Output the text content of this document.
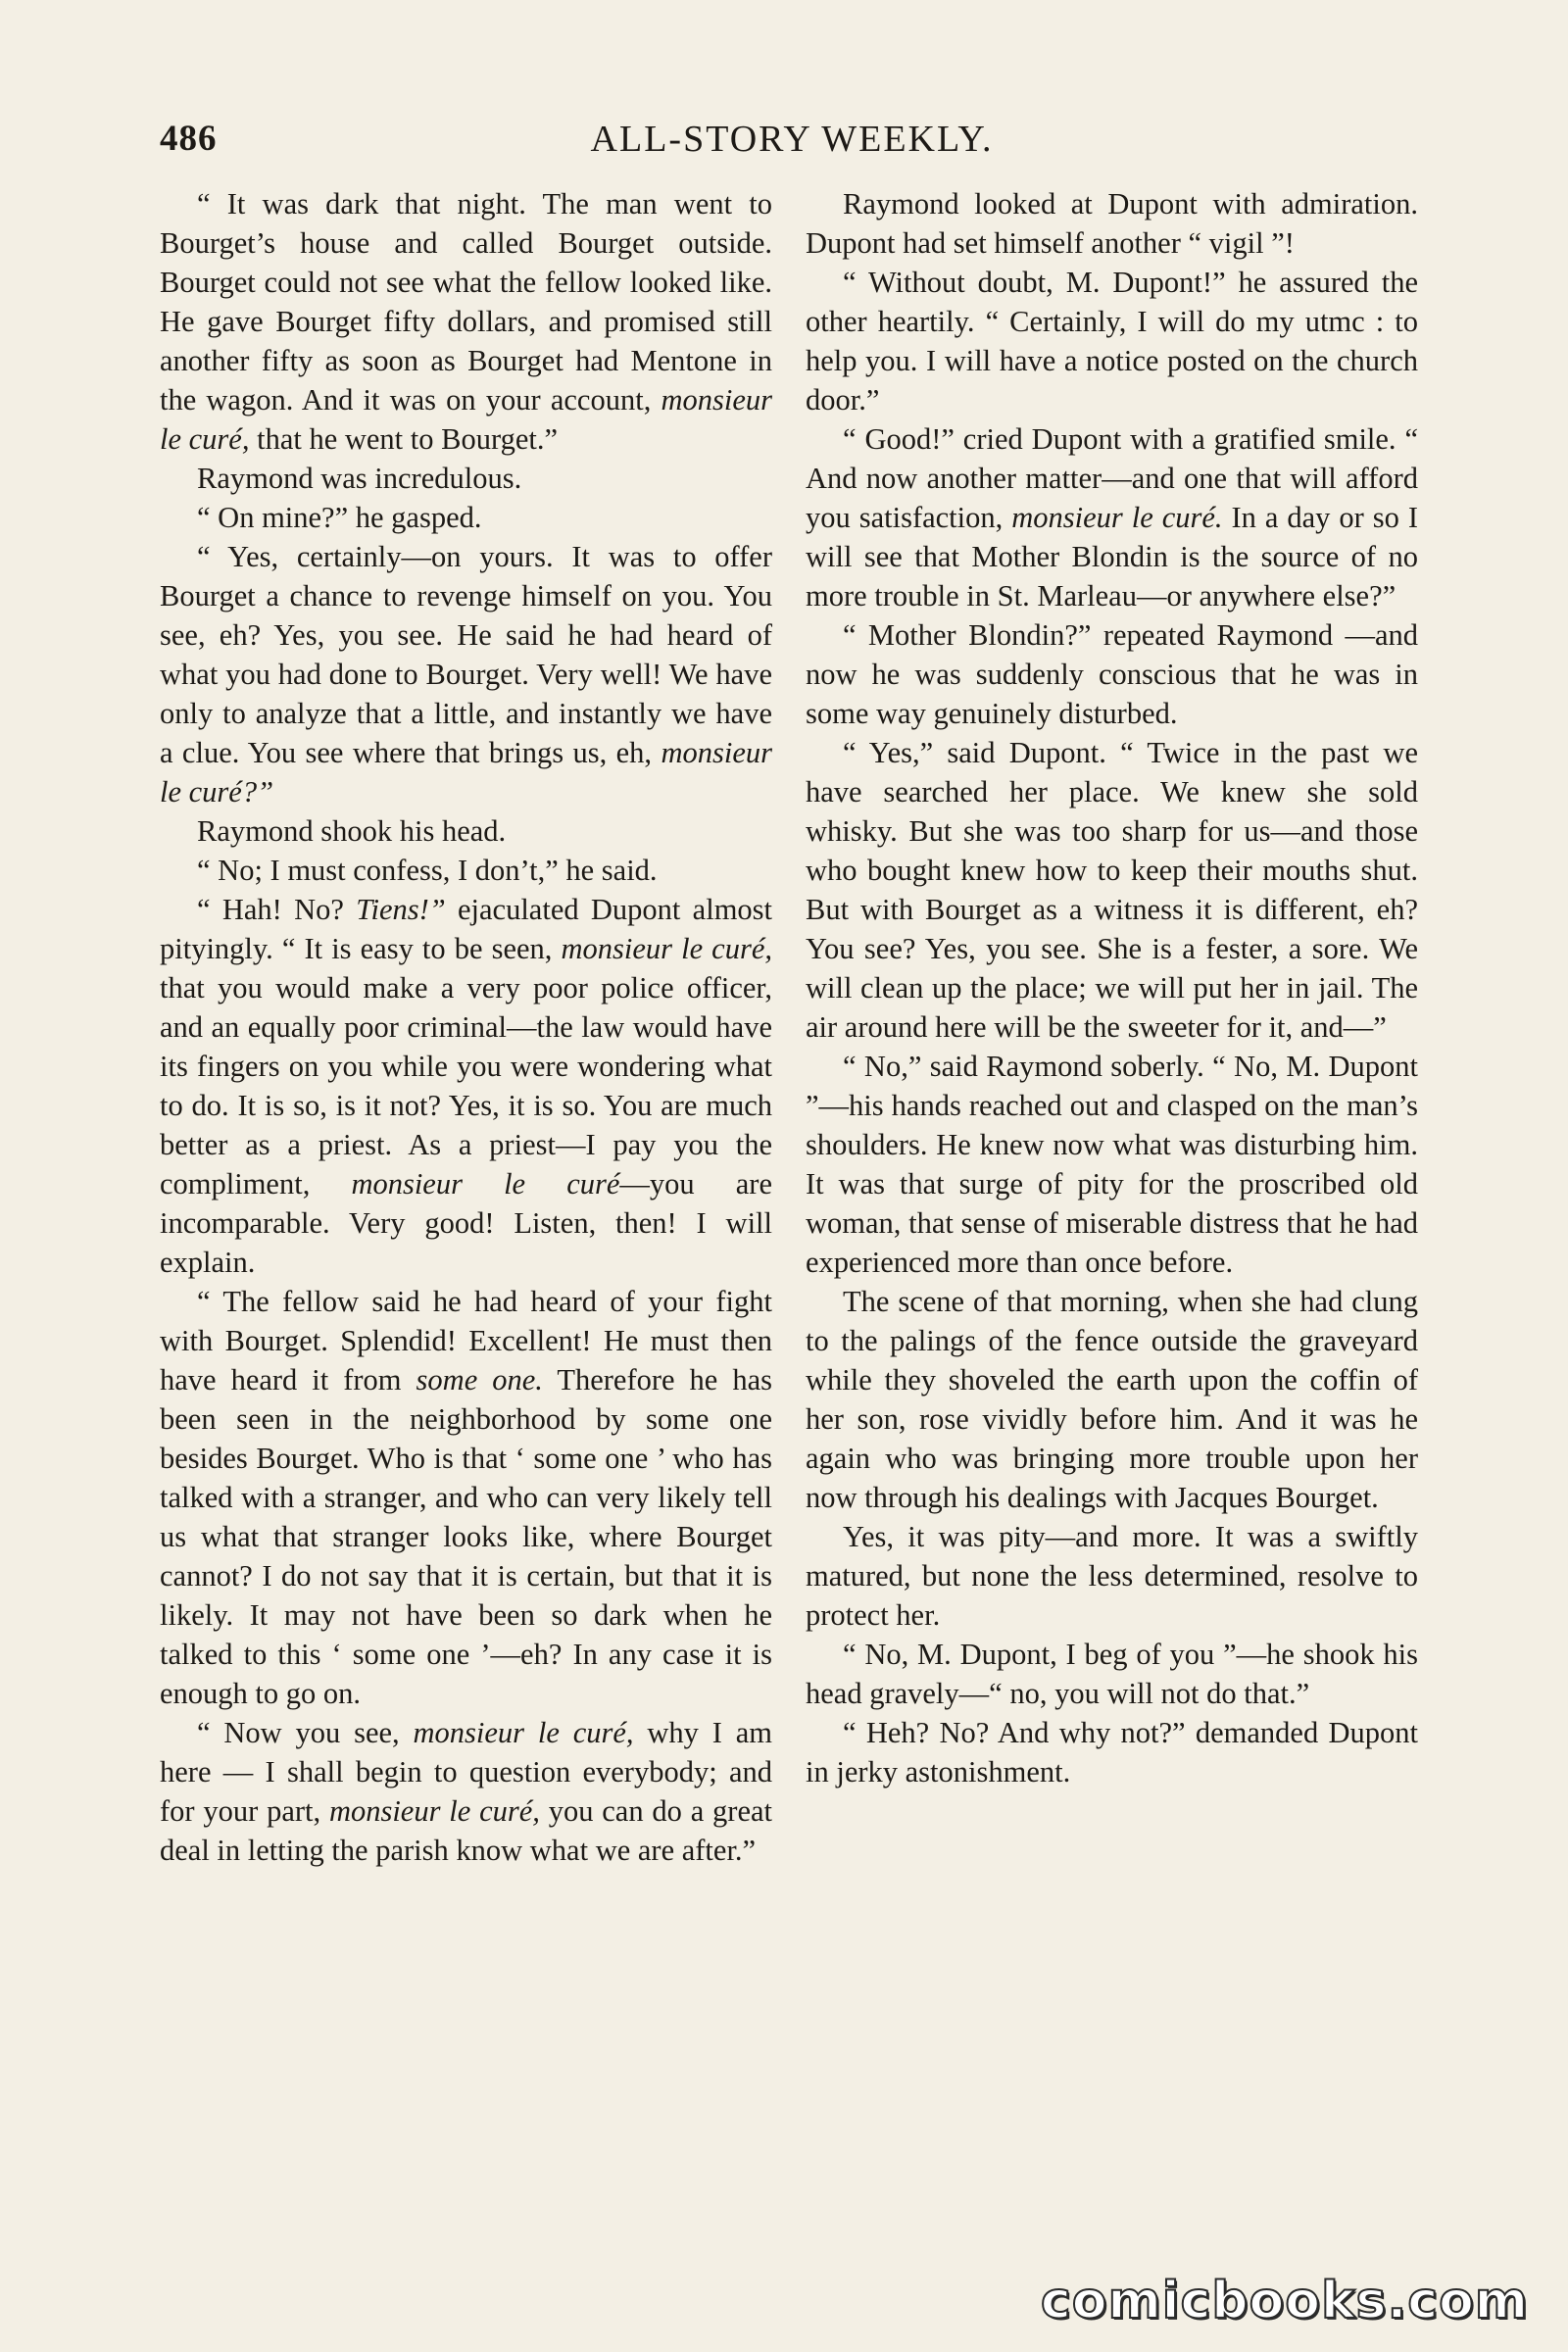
486	ALL-STORY WEEKLY.

“ It was dark that night. The man went to Bourget’s house and called Bourget outside. Bourget could not see what the fellow looked like. He gave Bourget fifty dollars, and promised still another fifty as soon as Bourget had Mentone in the wagon. And it was on your account, monsieur le curé, that he went to Bourget.”

Raymond was incredulous.

“ On mine?” he gasped.

“ Yes, certainly—on yours. It was to offer Bourget a chance to revenge himself on you. You see, eh? Yes, you see. He said he had heard of what you had done to Bourget. Very well! We have only to analyze that a little, and instantly we have a clue. You see where that brings us, eh, monsieur le curé?”

Raymond shook his head.

“ No; I must confess, I don’t,” he said.

“ Hah! No? Tiens!” ejaculated Dupont almost pityingly. “ It is easy to be seen, monsieur le curé, that you would make a very poor police officer, and an equally poor criminal—the law would have its fingers on you while you were wondering what to do. It is so, is it not? Yes, it is so. You are much better as a priest. As a priest—I pay you the compliment, monsieur le curé—you are incomparable. Very good! Listen, then! I will explain.

“ The fellow said he had heard of your fight with Bourget. Splendid! Excellent! He must then have heard it from some one. Therefore he has been seen in the neighborhood by some one besides Bourget. Who is that ‘ some one ’ who has talked with a stranger, and who can very likely tell us what that stranger looks like, where Bourget cannot? I do not say that it is certain, but that it is likely. It may not have been so dark when he talked to this ‘ some one ’—eh? In any case it is enough to go on.

“ Now you see, monsieur le curé, why I am here — I shall begin to question everybody; and for your part, monsieur le curé, you can do a great deal in letting the parish know what we are after.”

Raymond looked at Dupont with admiration. Dupont had set himself another “ vigil ”!

“ Without doubt, M. Dupont!” he assured the other heartily. “ Certainly, I will do my utmc : to help you. I will have a notice posted on the church door.”

“ Good!” cried Dupont with a gratified smile. “ And now another matter—and one that will afford you satisfaction, monsieur le curé. In a day or so I will see that Mother Blondin is the source of no more trouble in St. Marleau—or anywhere else?”

“ Mother Blondin?” repeated Raymond —and now he was suddenly conscious that he was in some way genuinely disturbed.

“ Yes,” said Dupont. “ Twice in the past we have searched her place. We knew she sold whisky. But she was too sharp for us—and those who bought knew how to keep their mouths shut. But with Bourget as a witness it is different, eh? You see? Yes, you see. She is a fester, a sore. We will clean up the place; we will put her in jail. The air around here will be the sweeter for it, and—”

“ No,” said Raymond soberly. “ No, M. Dupont ”—his hands reached out and clasped on the man’s shoulders. He knew now what was disturbing him. It was that surge of pity for the proscribed old woman, that sense of miserable distress that he had experienced more than once before.

The scene of that morning, when she had clung to the palings of the fence outside the graveyard while they shoveled the earth upon the coffin of her son, rose vividly before him. And it was he again who was bringing more trouble upon her now through his dealings with Jacques Bourget.

Yes, it was pity—and more. It was a swiftly matured, but none the less determined, resolve to protect her.

“ No, M. Dupont, I beg of you ”—he shook his head gravely—“ no, you will not do that.”

“ Heh? No? And why not?” demanded Dupont in jerky astonishment.

comicbooks.com
